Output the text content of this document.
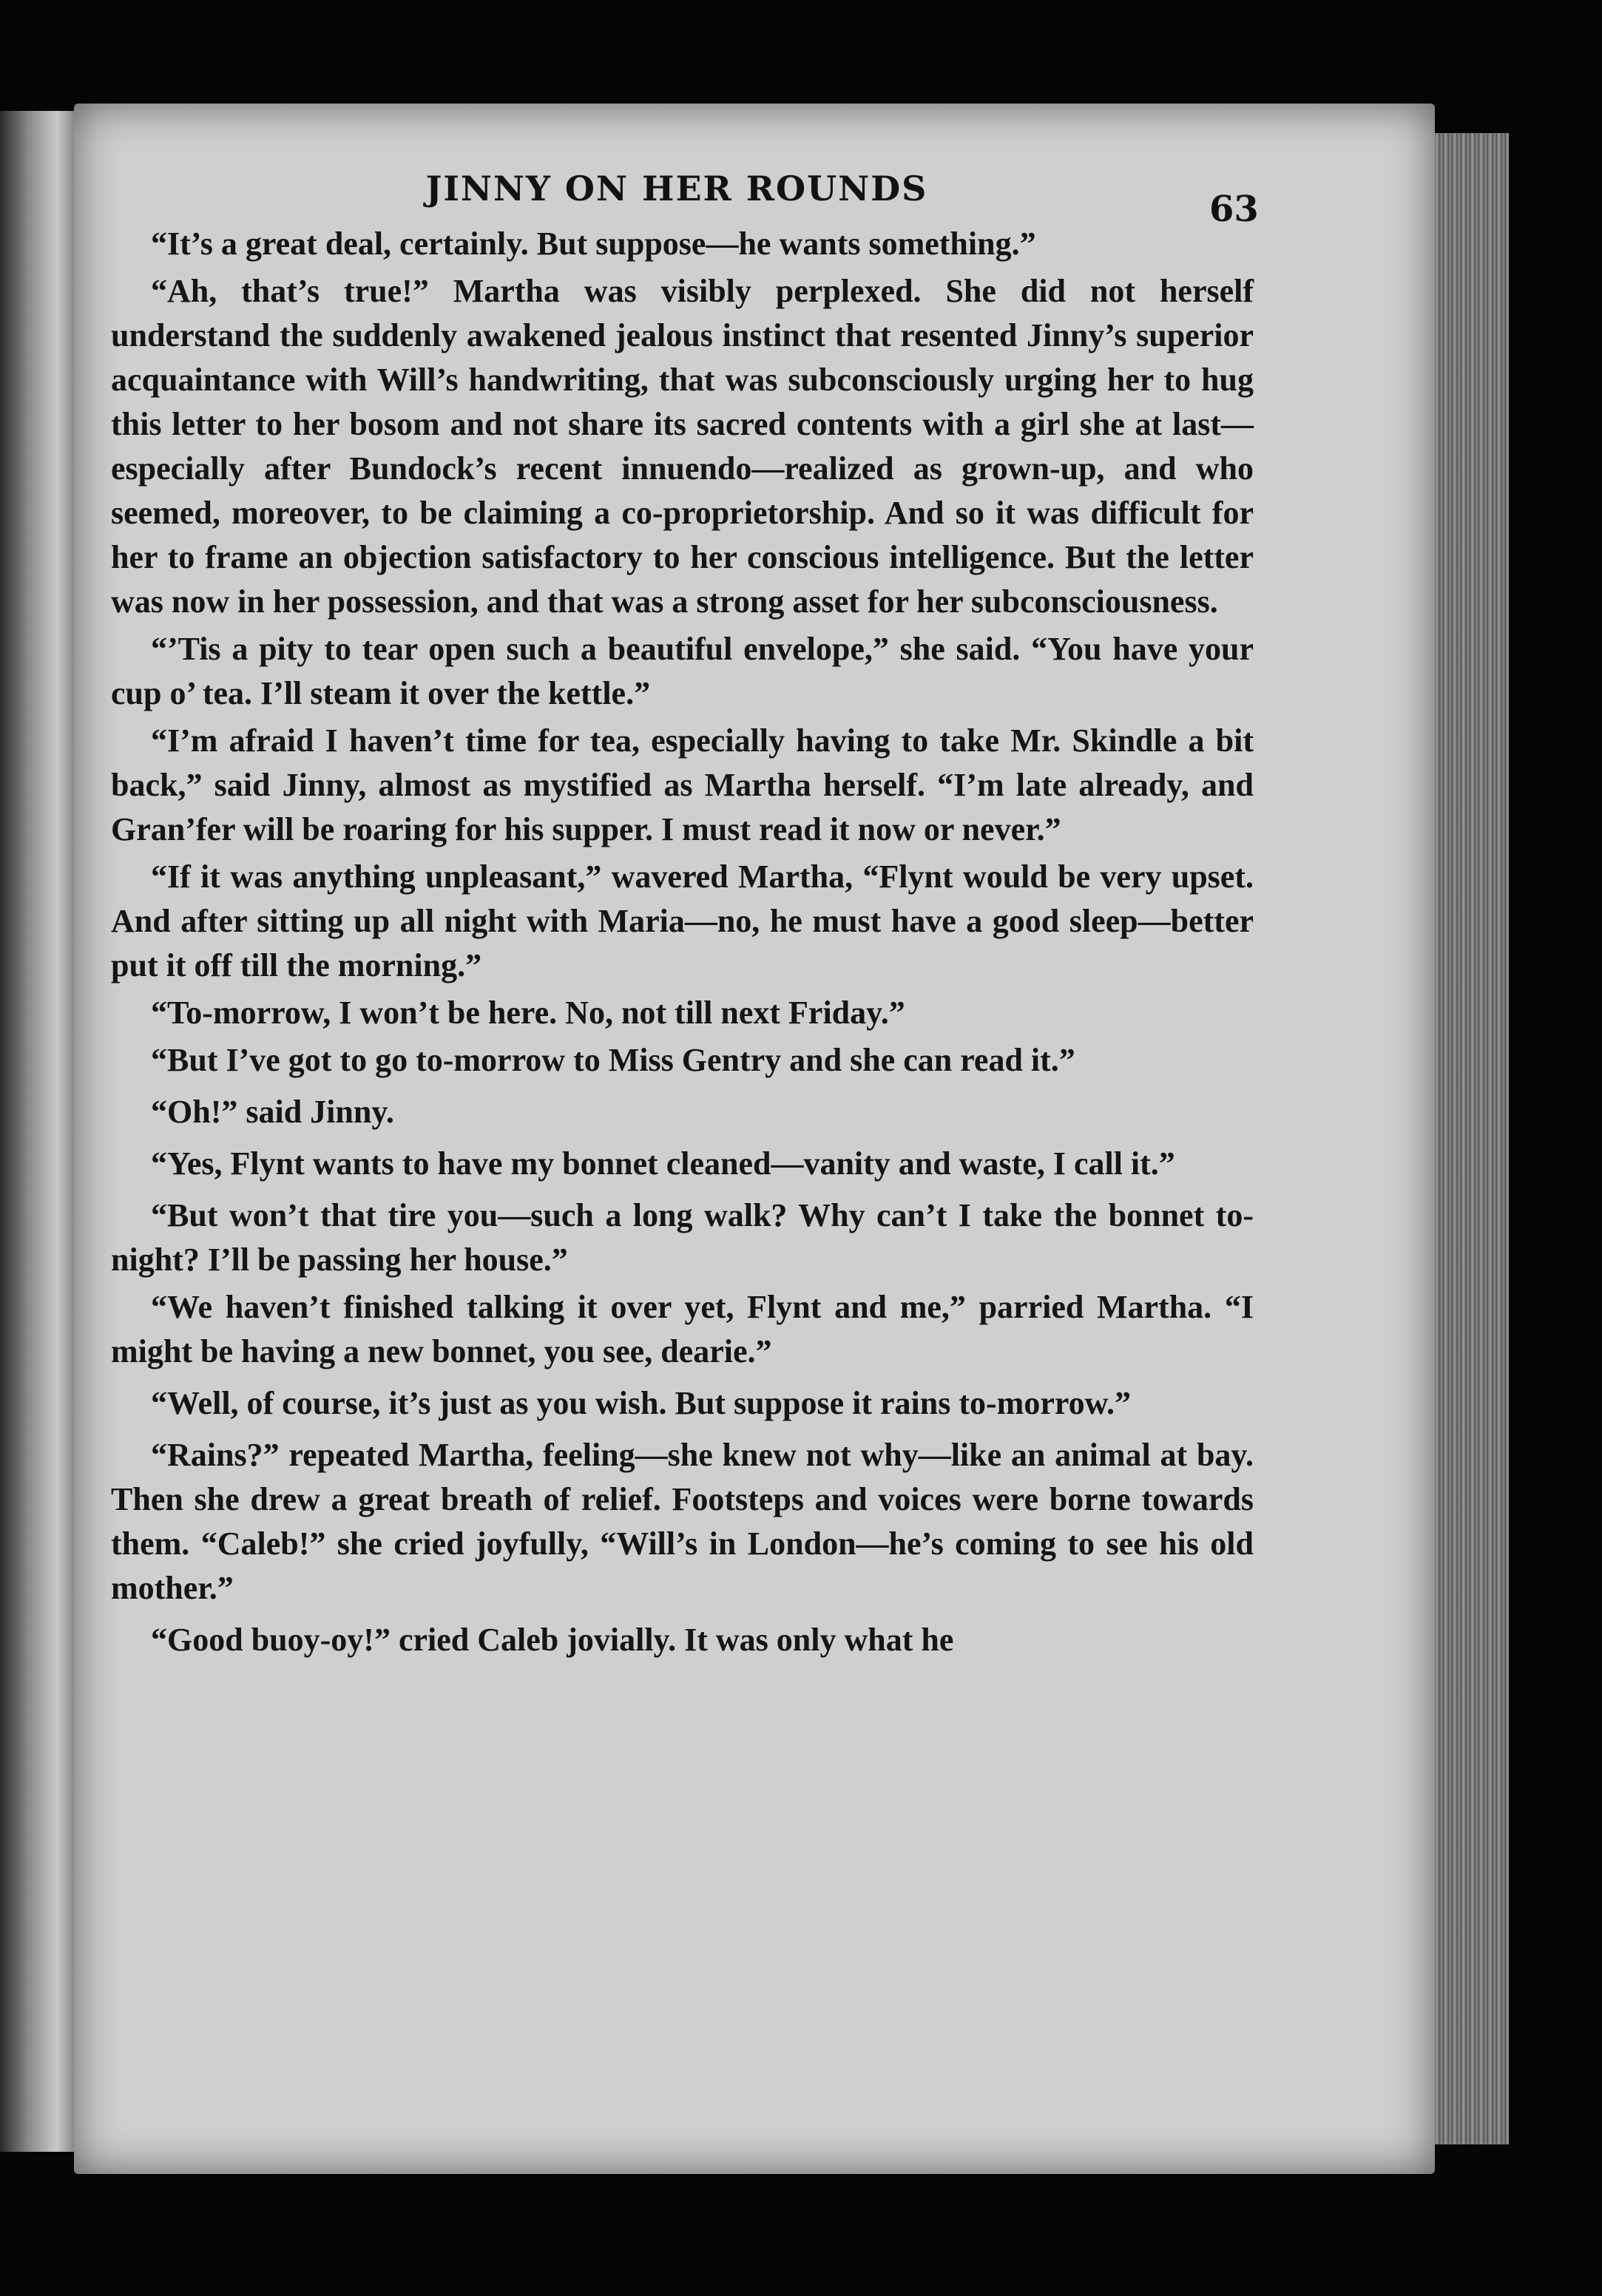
JINNY ON HER ROUNDS	63

“It’s a great deal, certainly. But suppose—he wants something.”

“Ah, that’s true!” Martha was visibly perplexed. She did not herself understand the suddenly awakened jealous instinct that resented Jinny’s superior acquaintance with Will’s handwriting, that was subconsciously urging her to hug this letter to her bosom and not share its sacred contents with a girl she at last—especially after Bundock’s recent innuendo—realized as grown-up, and who seemed, moreover, to be claiming a co-proprietorship. And so it was difficult for her to frame an objection satisfactory to her conscious intelligence. But the letter was now in her possession, and that was a strong asset for her subconsciousness.

“’Tis a pity to tear open such a beautiful envelope,” she said. “You have your cup o’ tea. I’ll steam it over the kettle.”

“I’m afraid I haven’t time for tea, especially having to take Mr. Skindle a bit back,” said Jinny, almost as mystified as Martha herself. “I’m late already, and Gran’fer will be roaring for his supper. I must read it now or never.”

“If it was anything unpleasant,” wavered Martha, “Flynt would be very upset. And after sitting up all night with Maria—no, he must have a good sleep—better put it off till the morning.”

“To-morrow, I won’t be here. No, not till next Friday.”

“But I’ve got to go to-morrow to Miss Gentry and she can read it.”

“Oh!” said Jinny.

“Yes, Flynt wants to have my bonnet cleaned—vanity and waste, I call it.”

“But won’t that tire you—such a long walk? Why can’t I take the bonnet to-night? I’ll be passing her house.”

“We haven’t finished talking it over yet, Flynt and me,” parried Martha. “I might be having a new bonnet, you see, dearie.”

“Well, of course, it’s just as you wish. But suppose it rains to-morrow.”

“Rains?” repeated Martha, feeling—she knew not why—like an animal at bay. Then she drew a great breath of relief. Footsteps and voices were borne towards them. “Caleb!” she cried joyfully, “Will’s in London—he’s coming to see his old mother.”

“Good buoy-oy!” cried Caleb jovially. It was only what he
